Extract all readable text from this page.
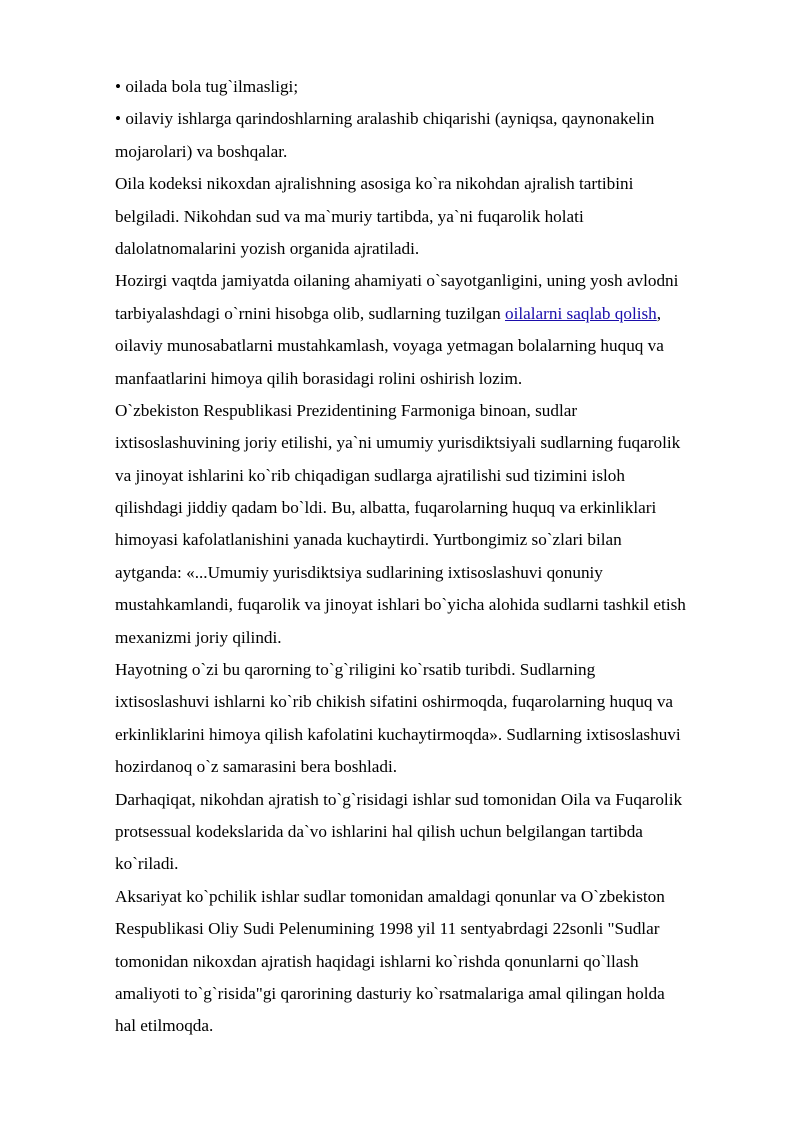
• oilada bola tug`ilmasligi;
• oilaviy ishlarga qarindoshlarning aralashib chiqarishi (ayniqsa, qaynonakelin
mojarolari) va boshqalar.
Oila kodeksi nikoxdan ajralishning asosiga ko`ra nikohdan ajralish tartibini
belgiladi. Nikohdan sud va ma`muriy tartibda, ya`ni fuqarolik holati
dalolatnomalarini yozish organida ajratiladi.
Hozirgi vaqtda jamiyatda oilaning ahamiyati o`sayotganligini, uning yosh avlodni
tarbiyalashdagi o`rnini hisobga olib, sudlarning tuzilgan oilalarni saqlab qolish,
oilaviy munosabatlarni mustahkamlash, voyaga yetmagan bolalarning huquq va
manfaatlarini himoya qilih borasidagi rolini oshirish lozim.
O`zbekiston Respublikasi Prezidentining Farmoniga binoan, sudlar
ixtisoslashuvining joriy etilishi, ya`ni umumiy yurisdiktsiyali sudlarning fuqarolik
va jinoyat ishlarini ko`rib chiqadigan sudlarga ajratilishi sud tizimini isloh
qilishdagi jiddiy qadam bo`ldi. Bu, albatta, fuqarolarning huquq va erkinliklari
himoyasi kafolatlanishini yanada kuchaytirdi. Yurtbongimiz so`zlari bilan
aytganda: «...Umumiy yurisdiktsiya sudlarining ixtisoslashuvi qonuniy
mustahkamlandi, fuqarolik va jinoyat ishlari bo`yicha alohida sudlarni tashkil etish
mexanizmi joriy qilindi.
Hayotning o`zi bu qarorning to`g`riligini ko`rsatib turibdi. Sudlarning
ixtisoslashuvi ishlarni ko`rib chikish sifatini oshirmoqda, fuqarolarning huquq va
erkinliklarini himoya qilish kafolatini kuchaytirmoqda». Sudlarning ixtisoslashuvi
hozirdanoq o`z samarasini bera boshladi.
Darhaqiqat, nikohdan ajratish to`g`risidagi ishlar sud tomonidan Oila va Fuqarolik
protsessual kodekslarida da`vo ishlarini hal qilish uchun belgilangan tartibda
ko`riladi.
Aksariyat ko`pchilik ishlar sudlar tomonidan amaldagi qonunlar va O`zbekiston
Respublikasi Oliy Sudi Pelenumining 1998 yil 11 sentyabrdagi 22sonli "Sudlar
tomonidan nikoxdan ajratish haqidagi ishlarni ko`rishda qonunlarni qo`llash
amaliyoti to`g`risida"gi qarorining dasturiy ko`rsatmalariga amal qilingan holda
hal etilmoqda.
